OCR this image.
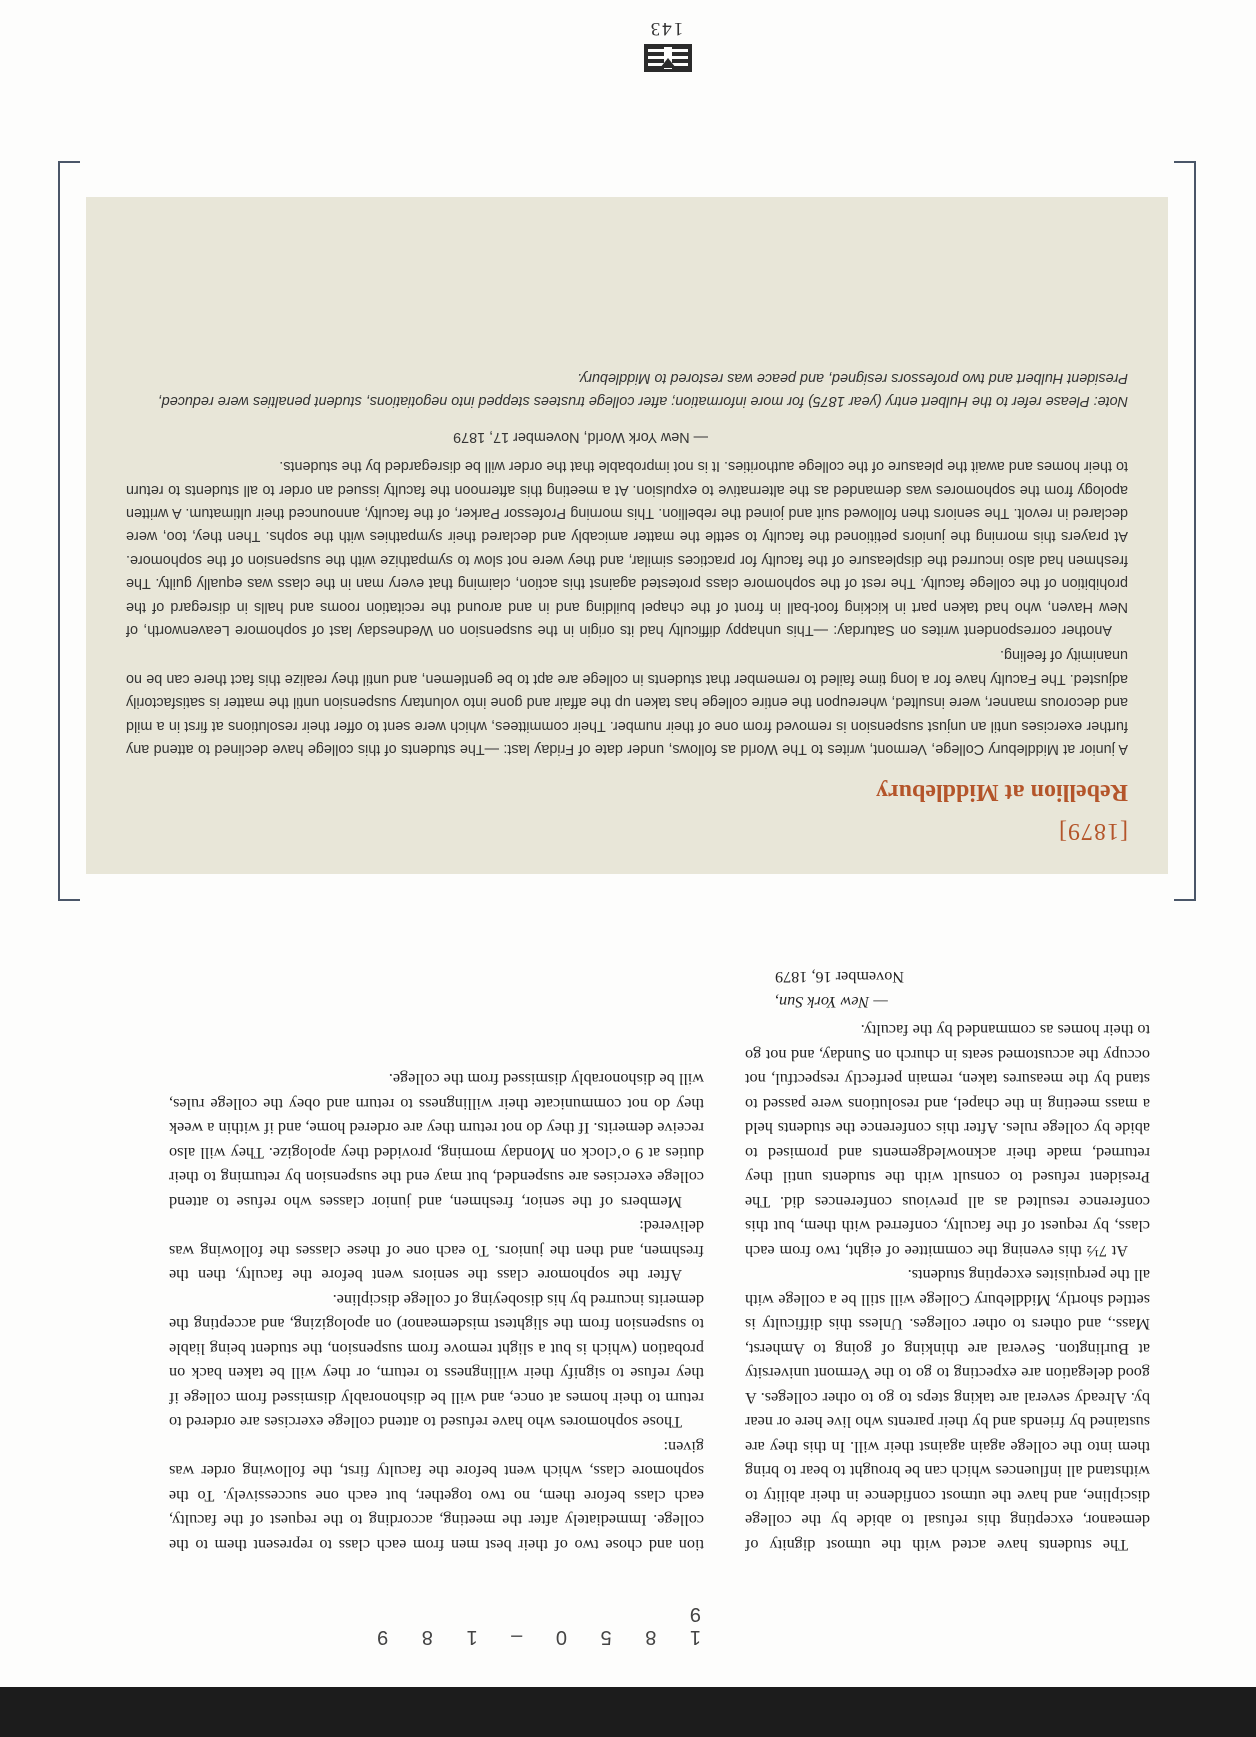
1 8 5 0 – 1 8 9 9

tion and chose two of their best men from each class to represent them to the college. Immediately after the meeting, according to the request of the faculty, each class before them, no two together, but each one successively. To the sophomore class, which went before the faculty first, the following order was given:

Those sophomores who have refused to attend college exercises are ordered to return to their homes at once, and will be dishonorably dismissed from college if they refuse to signify their willingness to return, or they will be taken back on probation (which is but a slight remove from suspension, the student being liable to suspension from the slightest misdemeanor) on apologizing, and accepting the demerits incurred by his disobeying of college discipline.

After the sophomore class the seniors went before the faculty, then the freshmen, and then the juniors. To each one of these classes the following was delivered:

Members of the senior, freshmen, and junior classes who refuse to attend college exercises are suspended, but may end the suspension by returning to their duties at 9 o’clock on Monday morning, provided they apologize. They will also receive demerits. If they do not return they are ordered home, and if within a week they do not communicate their willingness to return and obey the college rules, will be dishonorably dismissed from the college.

The students have acted with the utmost dignity of demeanor, excepting this refusal to abide by the college discipline, and have the utmost confidence in their ability to withstand all influences which can be brought to bear to bring them into the college again against their will. In this they are sustained by friends and by their parents who live here or near by. Already several are taking steps to go to other colleges. A good delegation are expecting to go to the Vermont university at Burlington. Several are thinking of going to Amherst, Mass., and others to other colleges. Unless this difficulty is settled shortly, Middlebury College will still be a college with all the perquisites excepting students.

At 7½ this evening the committee of eight, two from each class, by request of the faculty, conferred with them, but this conference resulted as all previous conferences did. The President refused to consult with the students until they returned, made their acknowledgements and promised to abide by college rules. After this conference the students held a mass meeting in the chapel, and resolutions were passed to stand by the measures taken, remain perfectly respectful, not occupy the accustomed seats in church on Sunday, and not go to their homes as commanded by the faculty.

— New York Sun,
November 16, 1879
[1879]
Rebellion at Middlebury

A junior at Middlebury College, Vermont, writes to The World as follows, under date of Friday last: —The students of this college have declined to attend any further exercises until an unjust suspension is removed from one of their number. Their committees, which were sent to offer their resolutions at first in a mild and decorous manner, were insulted, whereupon the entire college has taken up the affair and gone into voluntary suspension until the matter is satisfactorily adjusted. The Faculty have for a long time failed to remember that students in college are apt to be gentlemen, and until they realize this fact there can be no unanimity of feeling.

Another correspondent writes on Saturday: —This unhappy difficulty had its origin in the suspension on Wednesday last of sophomore Leavenworth, of New Haven, who had taken part in kicking foot-ball in front of the chapel building and in and around the recitation rooms and halls in disregard of the prohibition of the college faculty. The rest of the sophomore class protested against this action, claiming that every man in the class was equally guilty. The freshmen had also incurred the displeasure of the faculty for practices similar, and they were not slow to sympathize with the suspension of the sophomore. At prayers this morning the juniors petitioned the faculty to settle the matter amicably and declared their sympathies with the sophs. Then they, too, were declared in revolt. The seniors then followed suit and joined the rebellion. This morning Professor Parker, of the faculty, announced their ultimatum. A written apology from the sophomores was demanded as the alternative to expulsion. At a meeting this afternoon the faculty issued an order to all students to return to their homes and await the pleasure of the college authorities. It is not improbable that the order will be disregarded by the students.

— New York World, November 17, 1879

Note: Please refer to the Hulbert entry (year 1875) for more information; after college trustees stepped into negotiations, student penalties were reduced, President Hulbert and two professors resigned, and peace was restored to Middlebury.

143
